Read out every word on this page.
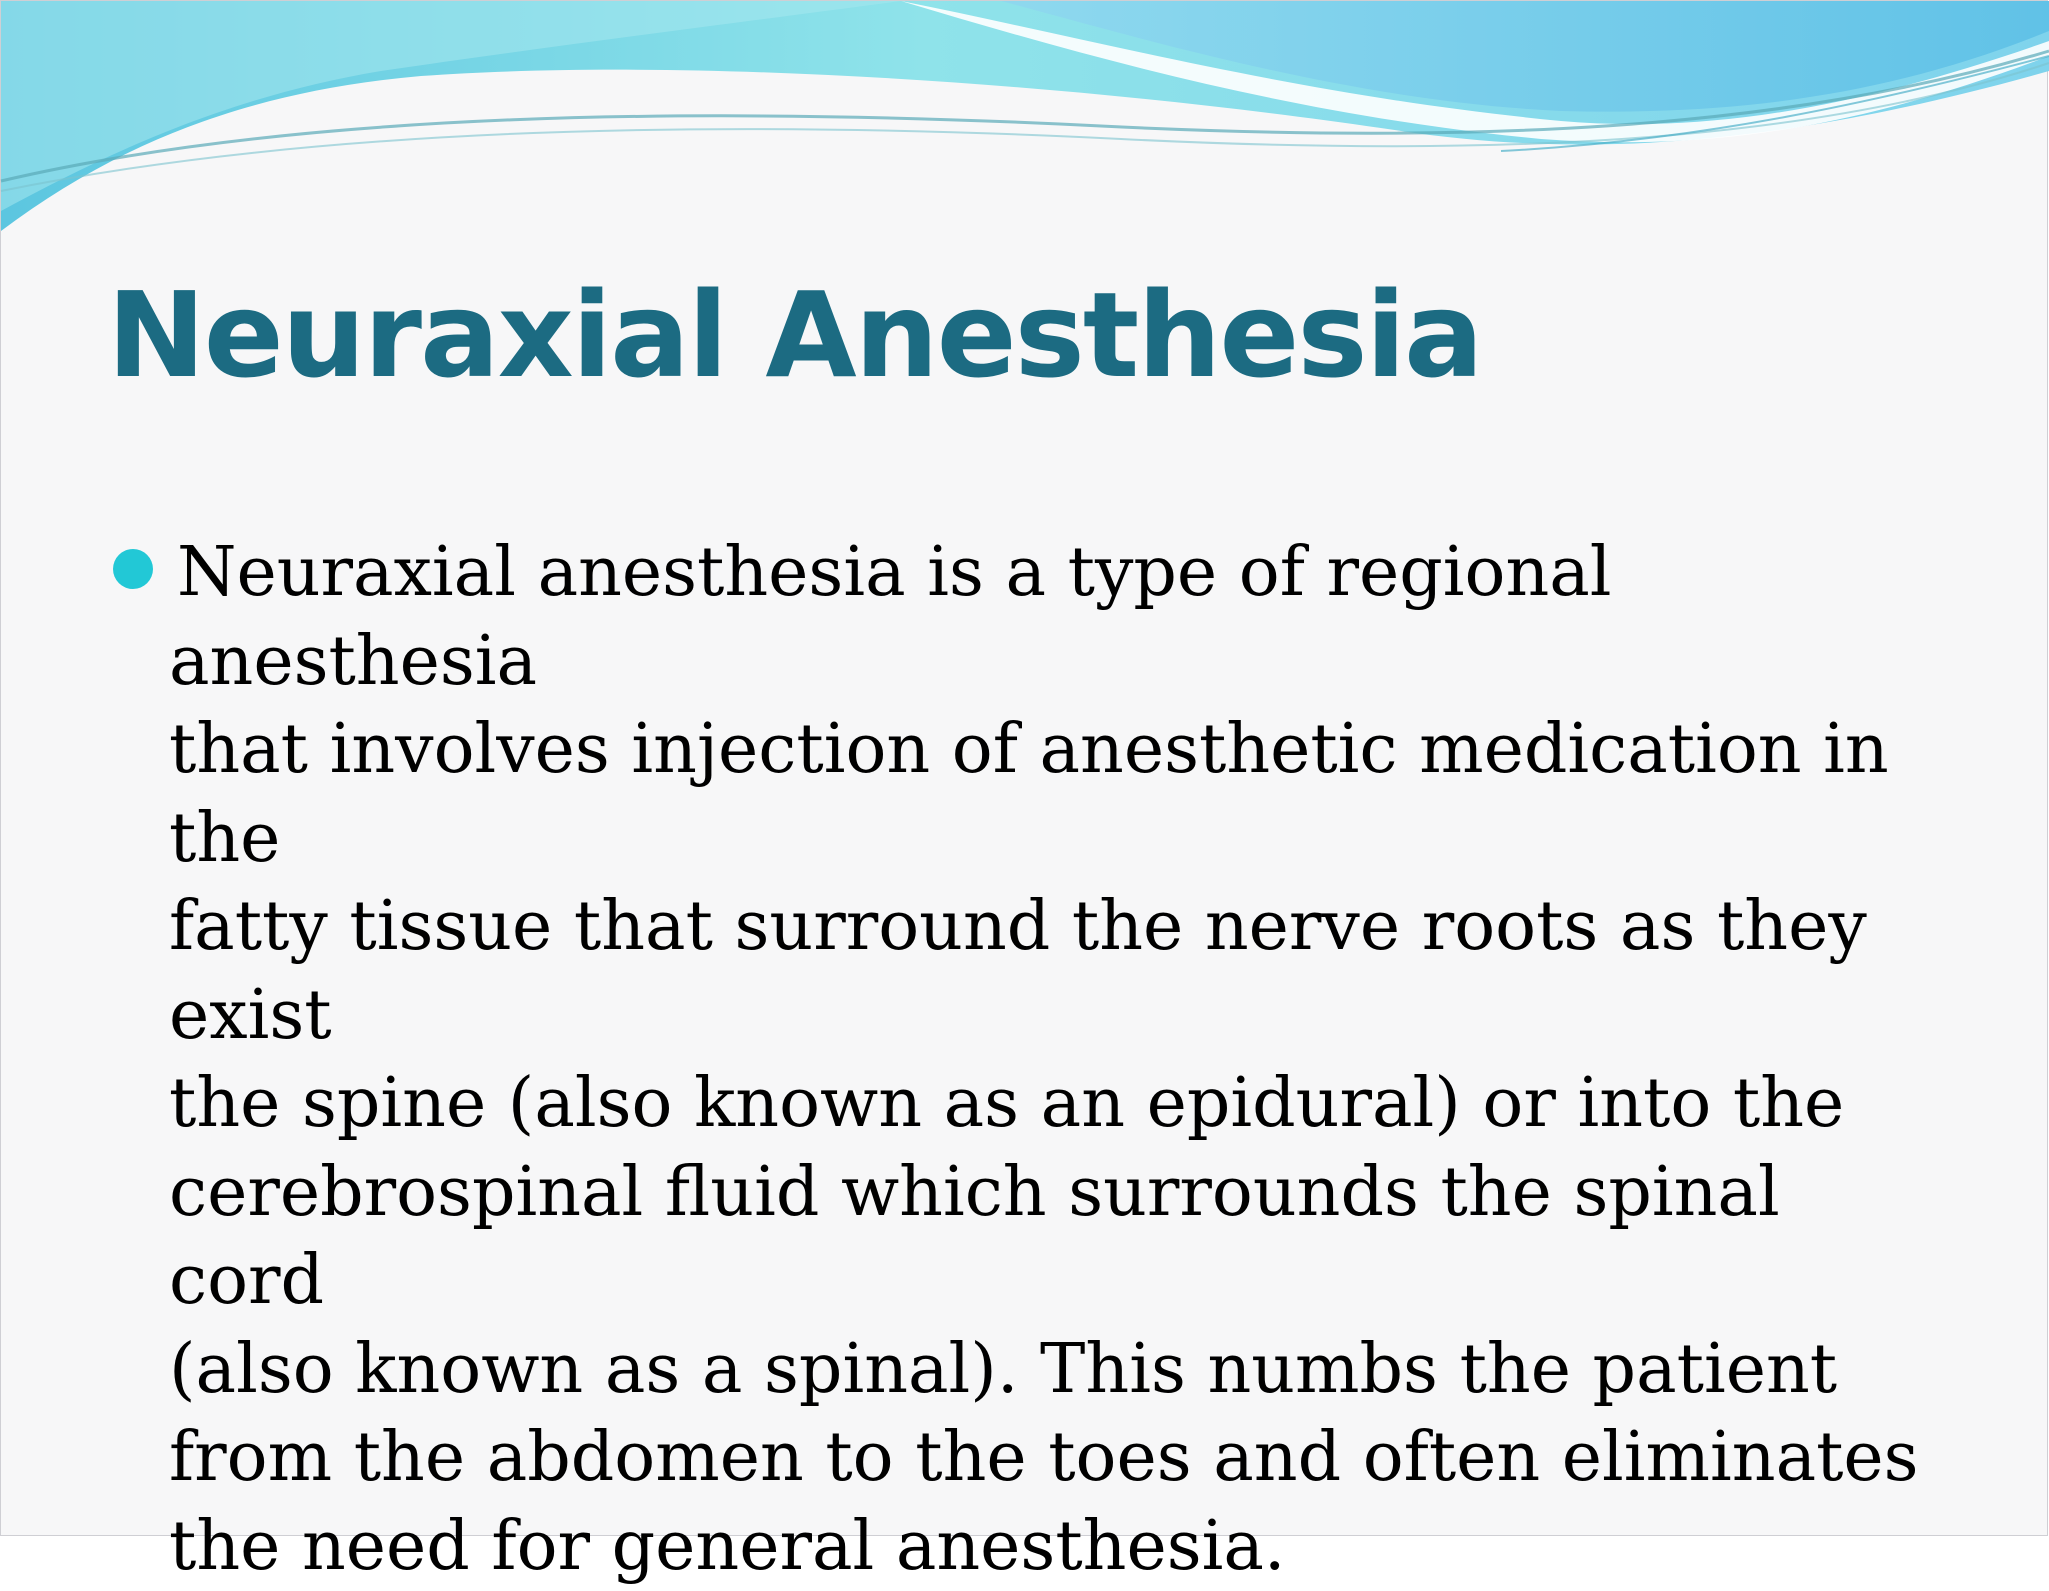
Neuraxial Anesthesia

Neuraxial anesthesia is a type of regional anesthesia
that involves injection of anesthetic medication in the
fatty tissue that surround the nerve roots as they exist
the spine (also known as an epidural) or into the
cerebrospinal fluid which surrounds the spinal cord
(also known as a spinal). This numbs the patient
from the abdomen to the toes and often eliminates
the need for general anesthesia.
